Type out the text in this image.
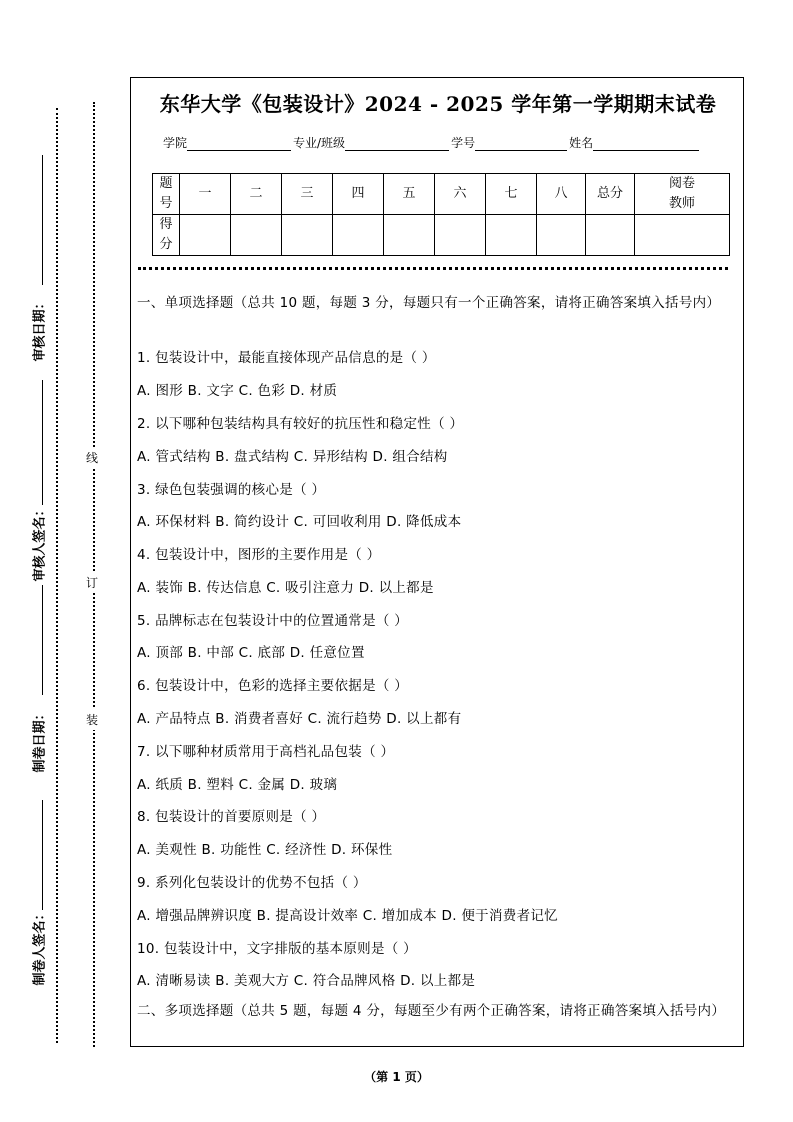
审核日期：
审核人签名：
制卷日期：
制卷人签名：
线
订
装
东华大学《包装设计》2024 - 2025 学年第一学期期末试卷
学院	专业/班级	学号	姓名
题
号	一	二	三	四	五	六	七	八	总分	阅卷
教师
得
分										
一、单项选择题（总共 10 题，每题 3 分，每题只有一个正确答案，请将正确答案填入括号内）
1. 包装设计中，最能直接体现产品信息的是（ ）
A. 图形 B. 文字 C. 色彩 D. 材质
2. 以下哪种包装结构具有较好的抗压性和稳定性（ ）
A. 管式结构 B. 盘式结构 C. 异形结构 D. 组合结构
3. 绿色包装强调的核心是（ ）
A. 环保材料 B. 简约设计 C. 可回收利用 D. 降低成本
4. 包装设计中，图形的主要作用是（ ）
A. 装饰 B. 传达信息 C. 吸引注意力 D. 以上都是
5. 品牌标志在包装设计中的位置通常是（ ）
A. 顶部 B. 中部 C. 底部 D. 任意位置
6. 包装设计中，色彩的选择主要依据是（ ）
A. 产品特点 B. 消费者喜好 C. 流行趋势 D. 以上都有
7. 以下哪种材质常用于高档礼品包装（ ）
A. 纸质 B. 塑料 C. 金属 D. 玻璃
8. 包装设计的首要原则是（ ）
A. 美观性 B. 功能性 C. 经济性 D. 环保性
9. 系列化包装设计的优势不包括（ ）
A. 增强品牌辨识度 B. 提高设计效率 C. 增加成本 D. 便于消费者记忆
10. 包装设计中，文字排版的基本原则是（ ）
A. 清晰易读 B. 美观大方 C. 符合品牌风格 D. 以上都是
二、多项选择题（总共 5 题，每题 4 分，每题至少有两个正确答案，请将正确答案填入括号内）
（第 1 页）
